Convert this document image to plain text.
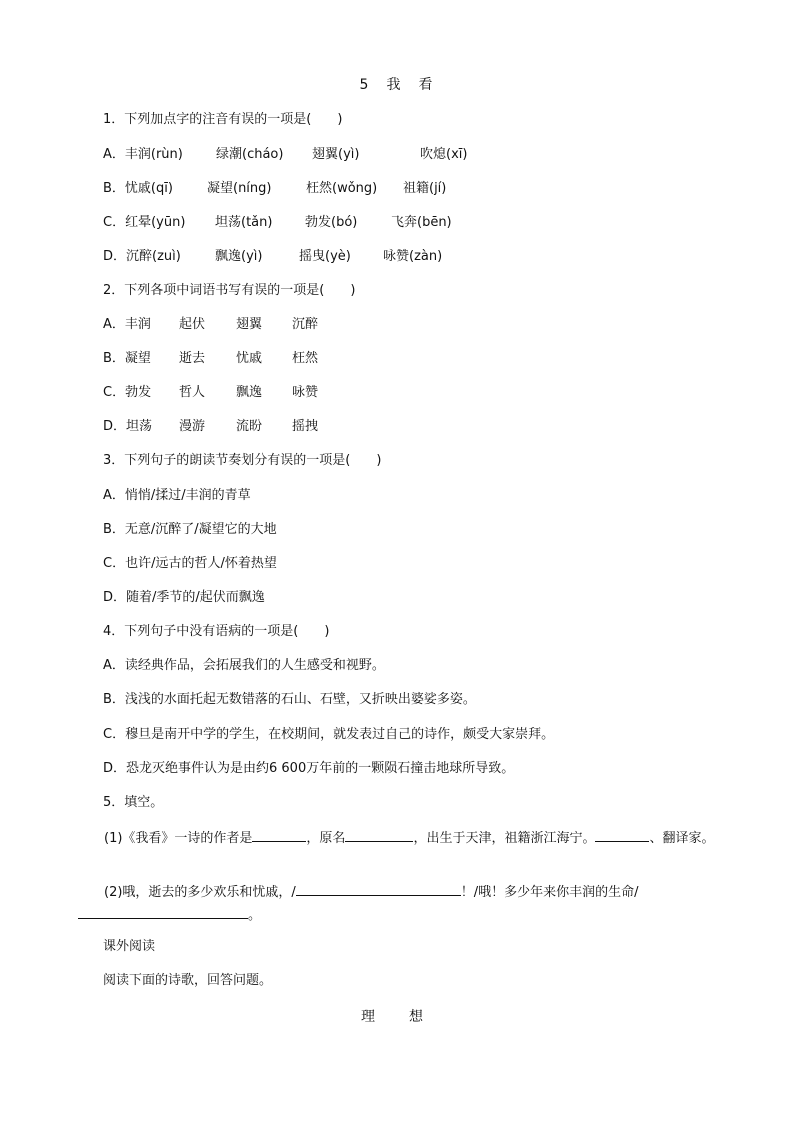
5　我　看
1．下列加点字的注音有误的一项是(　　)
A．丰润(rùn)	绿潮(cháo) 翅翼(yì)	吹熄(xī)
B．忧戚(qī)	凝望(níng)	枉然(wǒng) 祖籍(jí)
C．红晕(yūn) 坦荡(tǎn)	勃发(bó)	飞奔(bēn)
D．沉醉(zuì)	飘逸(yì)	摇曳(yè) 咏赞(zàn)
2．下列各项中词语书写有误的一项是(　　)
A．丰润 起伏 翅翼 沉醉
B．凝望 逝去 忧戚 枉然
C．勃发 哲人 飘逸 咏赞
D．坦荡 漫游 流盼 摇拽
3．下列句子的朗读节奏划分有误的一项是(　　)
A．悄悄/揉过/丰润的青草
B．无意/沉醉了/凝望它的大地
C．也许/远古的哲人/怀着热望
D．随着/季节的/起伏而飘逸
4．下列句子中没有语病的一项是(　　)
A．读经典作品，会拓展我们的人生感受和视野。
B．浅浅的水面托起无数错落的石山、石壁，又折映出婆娑多姿。
C．穆旦是南开中学的学生，在校期间，就发表过自己的诗作，颇受大家崇拜。
D．恐龙灭绝事件认为是由约6 600万年前的一颗陨石撞击地球所导致。
5．填空。
(1)《我看》一诗的作者是	，原名	，出生于天津，祖籍浙江海宁。	、翻译家。
(2)哦，逝去的多少欢乐和忧戚，/	！/哦！多少年来你丰润的生命/。
课外阅读
阅读下面的诗歌，回答问题。
理　想
